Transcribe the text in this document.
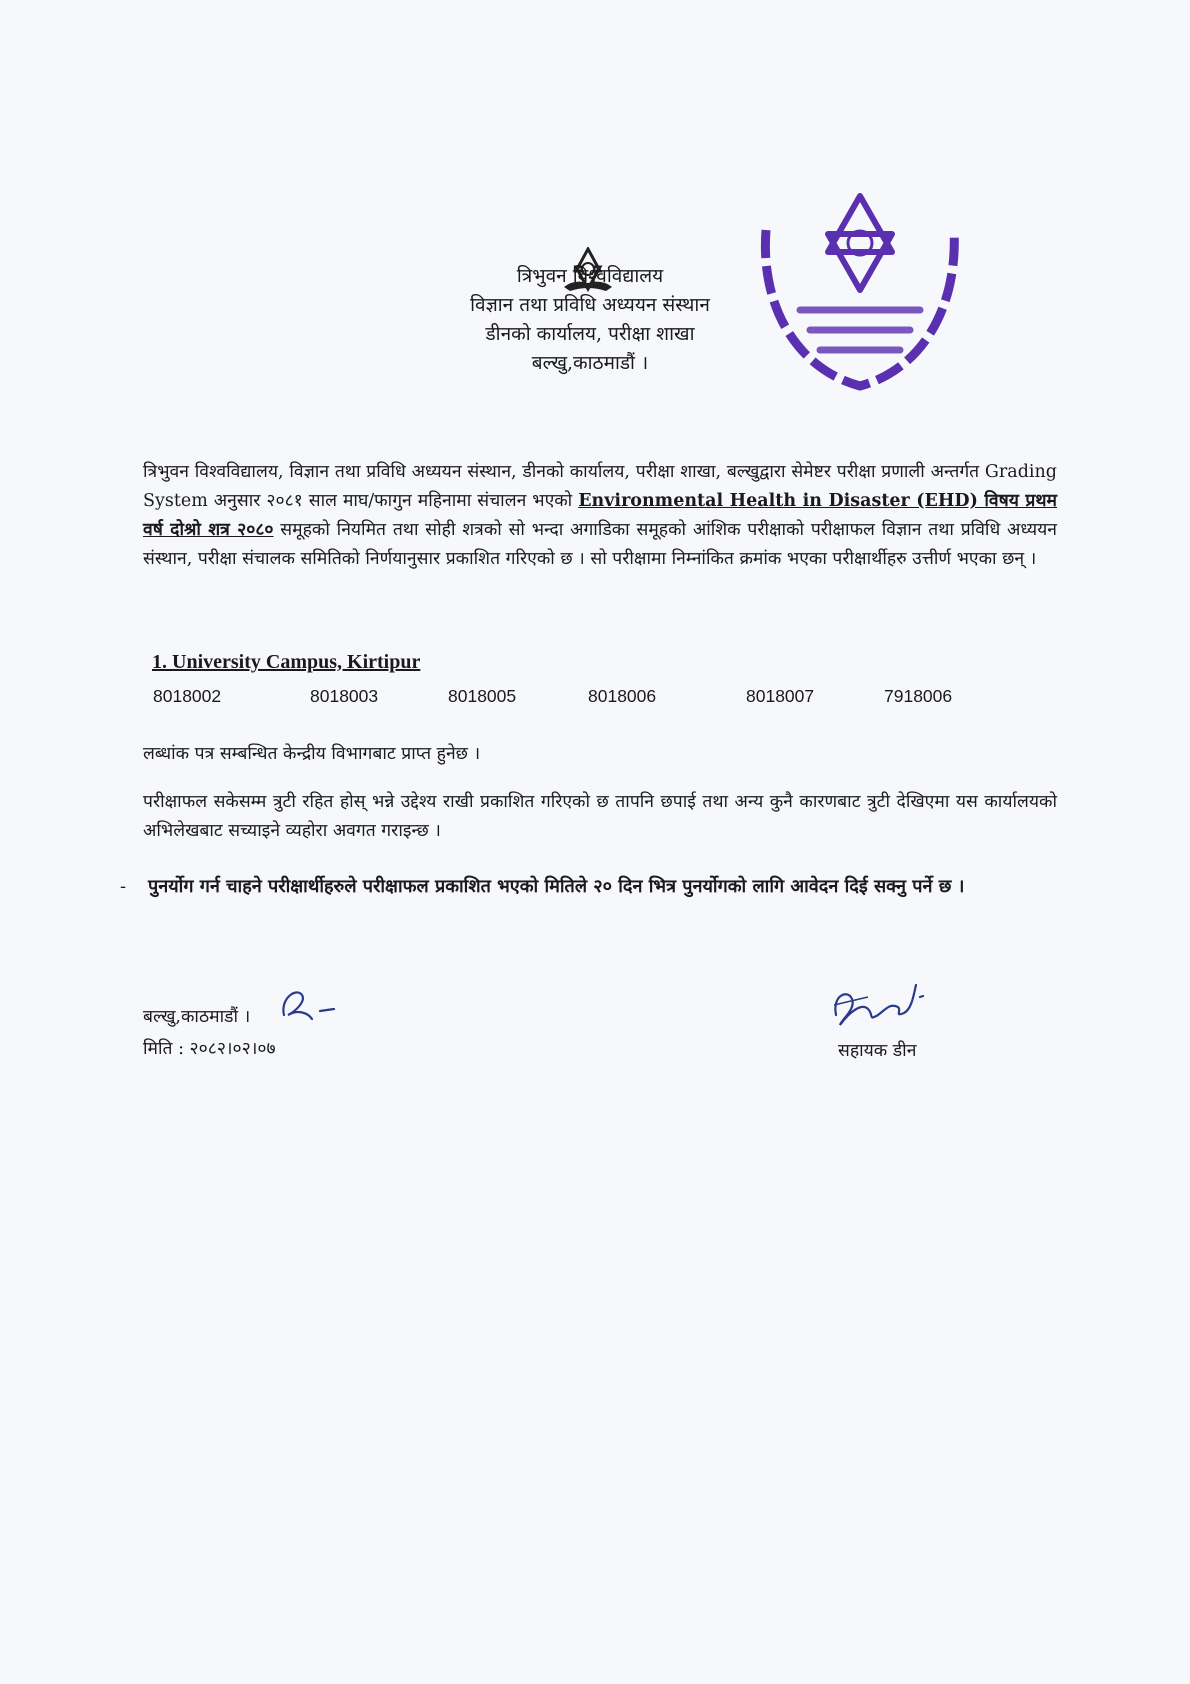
त्रिभुवन विश्वविद्यालय
विज्ञान तथा प्रविधि अध्ययन संस्थान
डीनको कार्यालय, परीक्षा शाखा
बल्खु,काठमाडौं ।
त्रिभुवन विश्वविद्यालय, विज्ञान तथा प्रविधि अध्ययन संस्थान, डीनको कार्यालय, परीक्षा शाखा, बल्खुद्वारा सेमेष्टर परीक्षा प्रणाली अन्तर्गत Grading System अनुसार २०८१ साल माघ/फागुन महिनामा संचालन भएको Environmental Health in Disaster (EHD) विषय प्रथम वर्ष दोश्रो शत्र २०८० समूहको नियमित तथा सोही शत्रको सो भन्दा अगाडिका समूहको आंशिक परीक्षाको परीक्षाफल विज्ञान तथा प्रविधि अध्ययन संस्थान, परीक्षा संचालक समितिको निर्णयानुसार प्रकाशित गरिएको छ । सो परीक्षामा निम्नांकित क्रमांक भएका परीक्षार्थीहरु उत्तीर्ण भएका छन् ।
1. University Campus, Kirtipur
8018002	8018003	8018005	8018006	8018007	7918006
लब्धांक पत्र सम्बन्धित केन्द्रीय विभागबाट प्राप्त हुनेछ ।
परीक्षाफल सकेसम्म त्रुटी रहित होस् भन्ने उद्देश्य राखी प्रकाशित गरिएको छ तापनि छपाई तथा अन्य कुनै कारणबाट त्रुटी देखिएमा यस कार्यालयको अभिलेखबाट सच्याइने व्यहोरा अवगत गराइन्छ ।
- पुनर्योग गर्न चाहने परीक्षार्थीहरुले परीक्षाफल प्रकाशित भएको मितिले २० दिन भित्र पुनर्योगको लागि आवेदन दिई सक्नु पर्ने छ ।
बल्खु,काठमाडौं ।
मिति : २०८२।०२।०७	सहायक डीन
